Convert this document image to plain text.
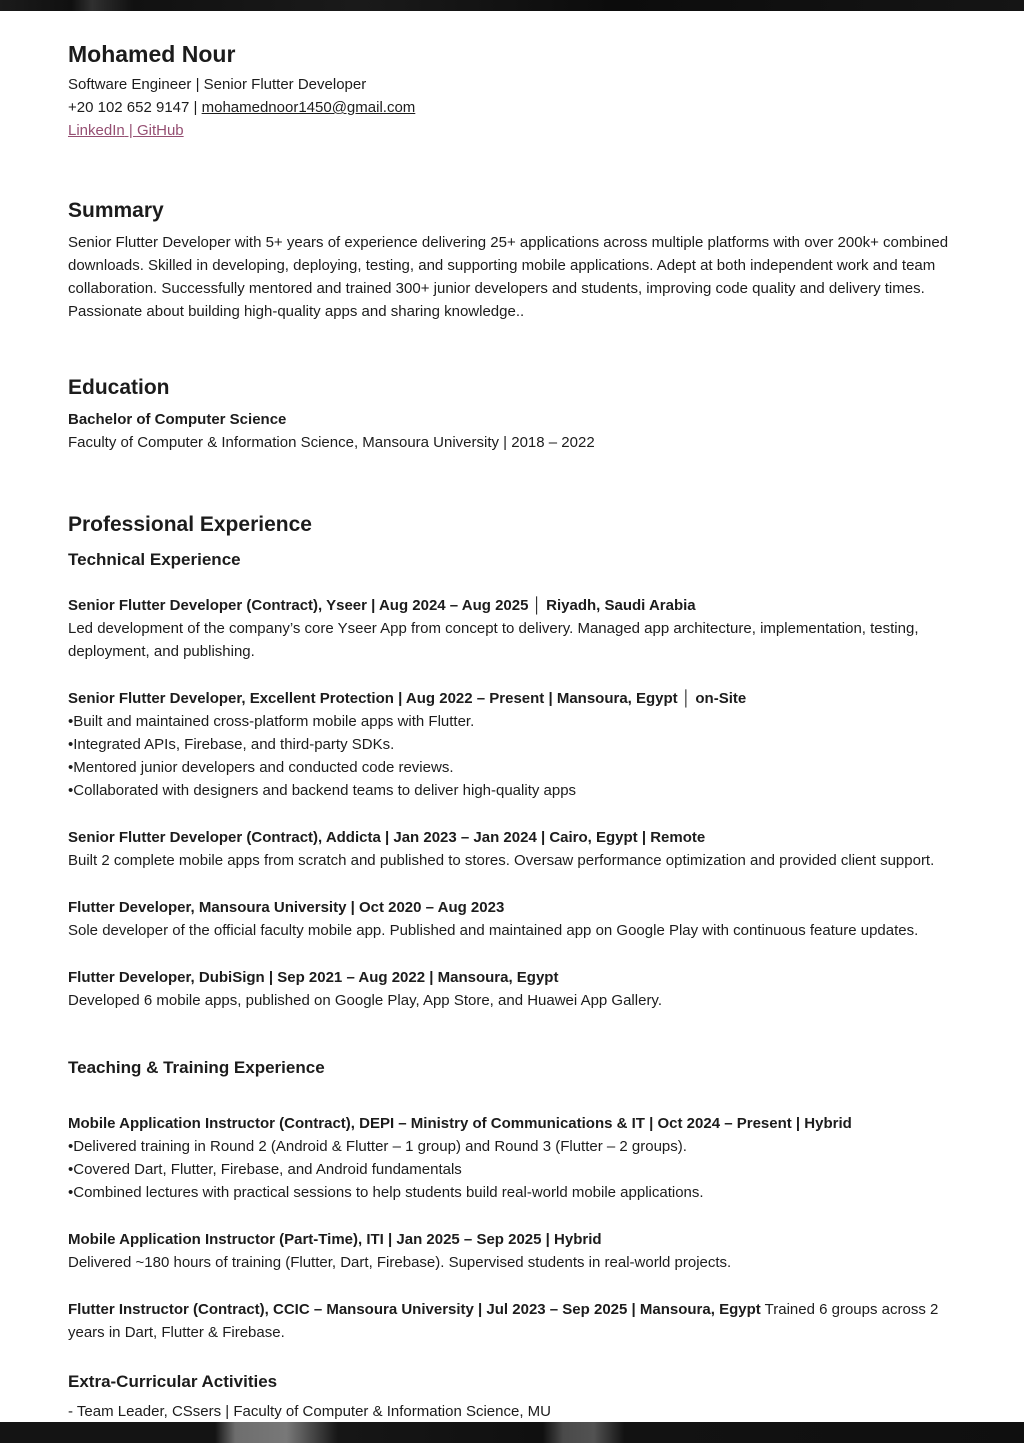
Mohamed Nour

Software Engineer | Senior Flutter Developer

+20 102 652 9147 | mohamednoor1450@gmail.com

LinkedIn | GitHub

Summary

Senior Flutter Developer with 5+ years of experience delivering 25+ applications across multiple platforms with over 200k+ combined downloads. Skilled in developing, deploying, testing, and supporting mobile applications. Adept at both independent work and team collaboration. Successfully mentored and trained 300+ junior developers and students, improving code quality and delivery times. Passionate about building high-quality apps and sharing knowledge..

Education

Bachelor of Computer Science

Faculty of Computer & Information Science, Mansoura University | 2018 – 2022

Professional Experience
Technical Experience

Senior Flutter Developer (Contract), Yseer | Aug 2024 – Aug 2025 │ Riyadh, Saudi Arabia

Led development of the company’s core Yseer App from concept to delivery. Managed app architecture, implementation, testing, deployment, and publishing.

Senior Flutter Developer, Excellent Protection | Aug 2022 – Present | Mansoura, Egypt │ on-Site

•Built and maintained cross-platform mobile apps with Flutter.

•Integrated APIs, Firebase, and third-party SDKs.

•Mentored junior developers and conducted code reviews.

•Collaborated with designers and backend teams to deliver high-quality apps

Senior Flutter Developer (Contract), Addicta | Jan 2023 – Jan 2024 | Cairo, Egypt | Remote

Built 2 complete mobile apps from scratch and published to stores. Oversaw performance optimization and provided client support.

Flutter Developer, Mansoura University | Oct 2020 – Aug 2023

Sole developer of the official faculty mobile app. Published and maintained app on Google Play with continuous feature updates.

Flutter Developer, DubiSign | Sep 2021 – Aug 2022 | Mansoura, Egypt

Developed 6 mobile apps, published on Google Play, App Store, and Huawei App Gallery.

Teaching & Training Experience

Mobile Application Instructor (Contract), DEPI – Ministry of Communications & IT | Oct 2024 – Present | Hybrid

•Delivered training in Round 2 (Android & Flutter – 1 group) and Round 3 (Flutter – 2 groups).

•Covered Dart, Flutter, Firebase, and Android fundamentals

•Combined lectures with practical sessions to help students build real-world mobile applications.

Mobile Application Instructor (Part-Time), ITI | Jan 2025 – Sep 2025 | Hybrid

Delivered ~180 hours of training (Flutter, Dart, Firebase). Supervised students in real-world projects.

Flutter Instructor (Contract), CCIC – Mansoura University | Jul 2023 – Sep 2025 | Mansoura, Egypt Trained 6 groups across 2 years in Dart, Flutter & Firebase.

Extra-Curricular Activities

- Team Leader, CSsers | Faculty of Computer & Information Science, MU
